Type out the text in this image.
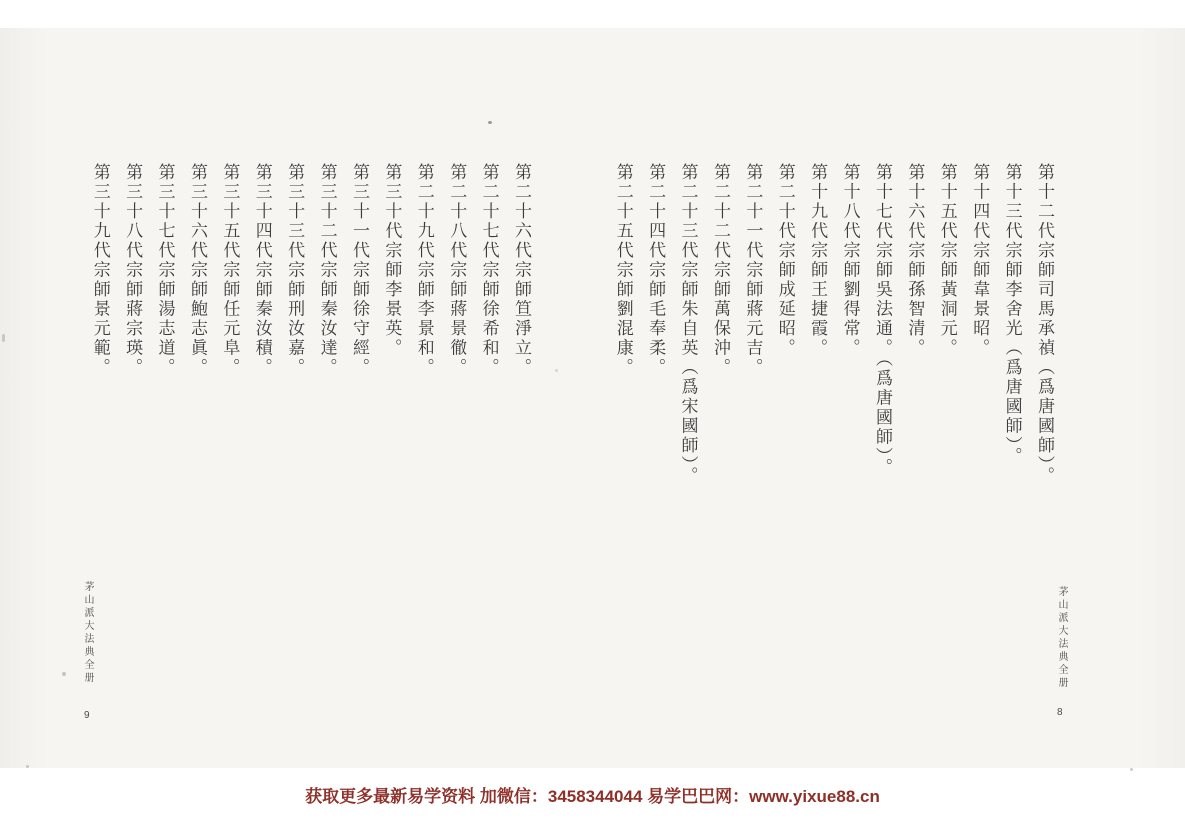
第十二代宗師司馬承禎（爲唐國師）。
第十三代宗師李舍光（爲唐國師）。
第十四代宗師韋景昭。
第十五代宗師黃洞元。
第十六代宗師孫智清。
第十七代宗師吳法通。（爲唐國師）。
第十八代宗師劉得常。
第十九代宗師王捷霞。
第二十代宗師成延昭。
第二十一代宗師蔣元吉。
第二十二代宗師萬保沖。
第二十三代宗師朱自英（爲宋國師）。
第二十四代宗師毛奉柔。
第二十五代宗師劉混康。
第二十六代宗師笪淨立。
第二十七代宗師徐希和。
第二十八代宗師蔣景徹。
第二十九代宗師李景和。
第三十代宗師李景英。
第三十一代宗師徐守經。
第三十二代宗師秦汝達。
第三十三代宗師刑汝嘉。
第三十四代宗師秦汝積。
第三十五代宗師任元阜。
第三十六代宗師鮑志眞。
第三十七代宗師湯志道。
第三十八代宗師蔣宗瑛。
第三十九代宗師景元範。
茅山派大法典全册
8
茅山派大法典全册
9
获取更多最新易学资料 加微信：3458344044 易学巴巴网：www.yixue88.cn
